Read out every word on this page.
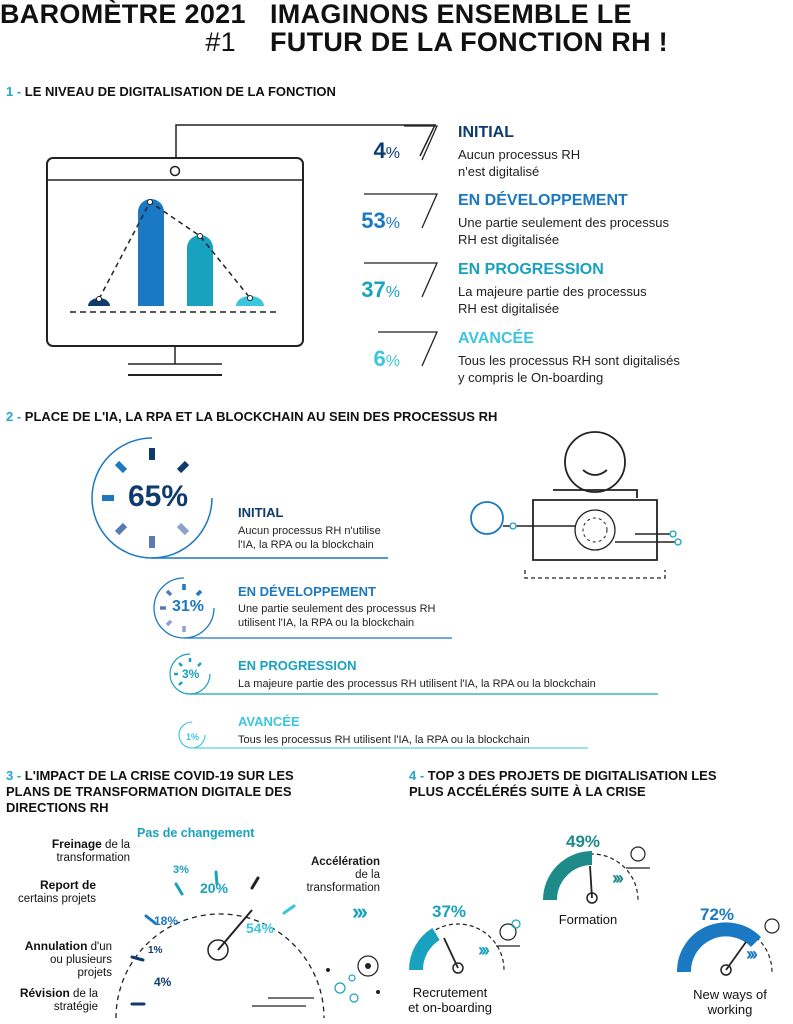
BAROMÈTRE 2021
#1
IMAGINONS ENSEMBLE LE
FUTUR DE LA FONCTION RH !
1 - LE NIVEAU DE DIGITALISATION DE LA FONCTION
4%
INITIAL
Aucun processus RH
n'est digitalisé
53%
EN DÉVELOPPEMENT
Une partie seulement des processus
RH est digitalisée
37%
EN PROGRESSION
La majeure partie des processus
RH est digitalisée
6%
AVANCÉE
Tous les processus RH sont digitalisés
y compris le On-boarding
2 - PLACE DE L'IA, LA RPA ET LA BLOCKCHAIN AU SEIN DES PROCESSUS RH
65%	INITIAL
Aucun processus RH n'utilise
l'IA, la RPA ou la blockchain
31%
EN DÉVELOPPEMENT
Une partie seulement des processus RH
utilisent l'IA, la RPA ou la blockchain
3%
EN PROGRESSION
La majeure partie des processus RH utilisent l'IA, la RPA ou la blockchain
1%
AVANCÉE
Tous les processus RH utilisent l'IA, la RPA ou la blockchain
3 - L'IMPACT DE LA CRISE COVID-19 SUR LES
PLANS DE TRANSFORMATION DIGITALE DES
DIRECTIONS RH
Pas de changement
Freinage de la
transformation
Report de
certains projets
Annulation d'un
ou plusieurs
projets
Révision de la
stratégie
3%
18%
1%
4%
20%
54%
Accélération
de la
transformation
›››
4 - TOP 3 DES PROJETS DE DIGITALISATION LES
PLUS ACCÉLÉRÉS SUITE À LA CRISE
37%
›››
Recrutement
et on-boarding
49%
›››
Formation	72%
›››
New ways of
working
